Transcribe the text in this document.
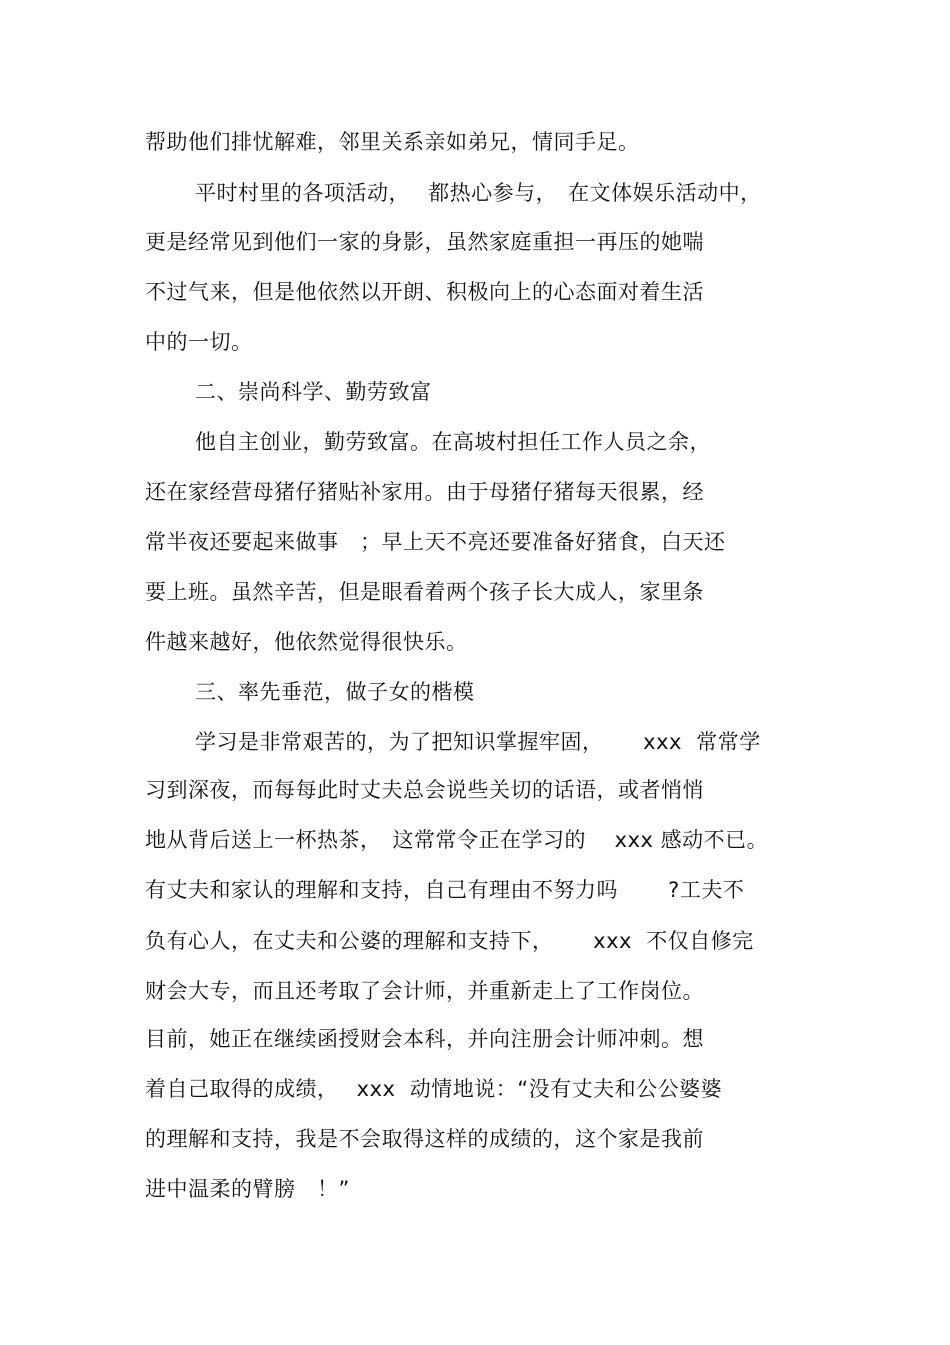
帮助他们排忧解难，邻里关系亲如弟兄，情同手足。
平时村里的各项活动，　 都热心参与，　在文体娱乐活动中，
更是经常见到他们一家的身影，虽然家庭重担一再压的她喘
不过气来，但是他依然以开朗、积极向上的心态面对着生活
中的一切。
二、崇尚科学、勤劳致富
他自主创业，勤劳致富。在高坡村担任工作人员之余，
还在家经营母猪仔猪贴补家用。由于母猪仔猪每天很累，经
常半夜还要起来做事　；早上天不亮还要准备好猪食，白天还
要上班。虽然辛苦，但是眼看着两个孩子长大成人，家里条
件越来越好，他依然觉得很快乐。
三、率先垂范，做子女的楷模
学习是非常艰苦的，为了把知识掌握牢固，　　 xxx  常常学
习到深夜，而每每此时丈夫总会说些关切的话语，或者悄悄
地从背后送上一杯热茶，　这常常令正在学习的　 xxx 感动不已。
有丈夫和家认的理解和支持，自己有理由不努力吗　　 ?工夫不
负有心人，在丈夫和公婆的理解和支持下，　　 xxx  不仅自修完
财会大专，而且还考取了会计师，并重新走上了工作岗位。
目前，她正在继续函授财会本科，并向注册会计师冲刺。想
着自己取得的成绩，　 xxx  动情地说：“没有丈夫和公公婆婆
的理解和支持，我是不会取得这样的成绩的，这个家是我前
进中温柔的臂膀　！”
